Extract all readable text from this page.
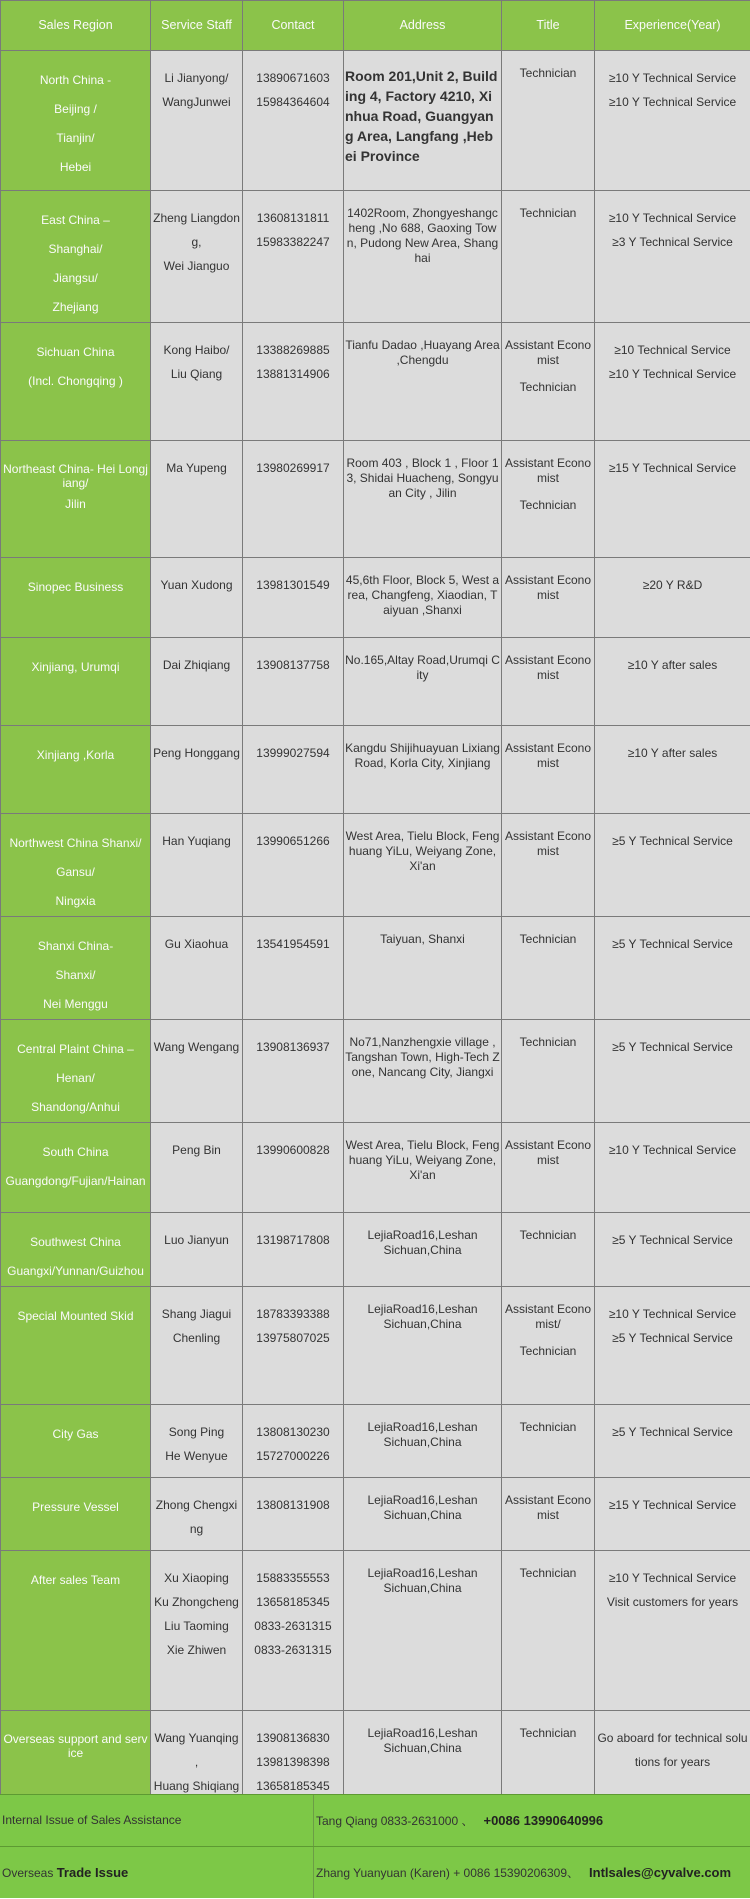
Sales Region	Service Staff	Contact	Address	Title	Experience(Year)

North China -
Beijing /
Tianjin/
Hebei	Li Jianyong/
WangJunwei	13890671603
15984364604	Room 201,Unit 2, Building 4, Factory 4210, Xinhua Road, Guangyang Area, Langfang ,Hebei Province	Technician	≥10 Y Technical Service
≥10 Y Technical Service

East China –
Shanghai/
Jiangsu/
Zhejiang	Zheng Liangdong,
Wei Jianguo	13608131811
15983382247	1402Room, Zhongyeshangcheng ,No 688, Gaoxing Town, Pudong New Area, Shanghai	Technician	≥10 Y Technical Service
≥3 Y Technical Service

Sichuan China
(Incl. Chongqing )	Kong Haibo/
Liu Qiang	13388269885
13881314906	Tianfu Dadao ,Huayang Area ,Chengdu	Assistant Economist
Technician	≥10 Technical Service
≥10 Y Technical Service

Northeast China- Hei Longjiang/
Jilin	Ma Yupeng	13980269917	Room 403 , Block 1 , Floor 13, Shidai Huacheng, Songyuan City , Jilin	Assistant Economist
Technician	≥15 Y Technical Service

Sinopec Business	Yuan Xudong	13981301549	45,6th Floor, Block 5, West area, Changfeng, Xiaodian, Taiyuan ,Shanxi	Assistant Economist	≥20 Y R&D

Xinjiang, Urumqi	Dai Zhiqiang	13908137758	No.165,Altay Road,Urumqi City	Assistant Economist	≥10 Y after sales

Xinjiang ,Korla	Peng Honggang	13999027594	Kangdu Shijihuayuan Lixiang Road, Korla City, Xinjiang	Assistant Economist	≥10 Y after sales

Northwest China Shanxi/
Gansu/
Ningxia	Han Yuqiang	13990651266	West Area, Tielu Block, Fenghuang YiLu, Weiyang Zone, Xi'an	Assistant Economist	≥5 Y Technical Service

Shanxi China-
Shanxi/
Nei Menggu	Gu Xiaohua	13541954591	Taiyuan, Shanxi	Technician	≥5 Y Technical Service

Central Plaint China –
Henan/
Shandong/Anhui	Wang Wengang	13908136937	No71,Nanzhengxie village , Tangshan Town, High-Tech Zone, Nancang City, Jiangxi	Technician	≥5 Y Technical Service

South China
Guangdong/Fujian/Hainan	Peng Bin	13990600828	West Area, Tielu Block, Fenghuang YiLu, Weiyang Zone, Xi'an	Assistant Economist	≥10 Y Technical Service

Southwest China
Guangxi/Yunnan/Guizhou	Luo Jianyun	13198717808	LejiaRoad16,Leshan
Sichuan,China	Technician	≥5 Y Technical Service

Special Mounted Skid	Shang Jiagui
Chenling	18783393388
13975807025	LejiaRoad16,Leshan
Sichuan,China	Assistant Economist/
Technician	≥10 Y Technical Service
≥5 Y Technical Service

City Gas	Song Ping
He Wenyue	13808130230
15727000226	LejiaRoad16,Leshan
Sichuan,China	Technician	≥5 Y Technical Service

Pressure Vessel	Zhong Chengxing	13808131908	LejiaRoad16,Leshan
Sichuan,China	Assistant Economist	≥15 Y Technical Service

After sales Team	Xu Xiaoping
Ku Zhongcheng
Liu Taoming
Xie Zhiwen	15883355553
13658185345
0833-2631315
0833-2631315	LejiaRoad16,Leshan
Sichuan,China	Technician	≥10 Y Technical Service
Visit customers for years

Overseas support and service	Wang Yuanqing ,
Huang Shiqiang	13908136830
13981398398
13658185345	LejiaRoad16,Leshan
Sichuan,China	Technician	Go aboard for technical solutions for years
Internal Issue of Sales Assistance	Tang Qiang 0833-2631000 、 +0086 13990640996
Overseas Trade Issue	Zhang Yuanyuan (Karen) + 0086 15390206309、 Intlsales@cyvalve.com
